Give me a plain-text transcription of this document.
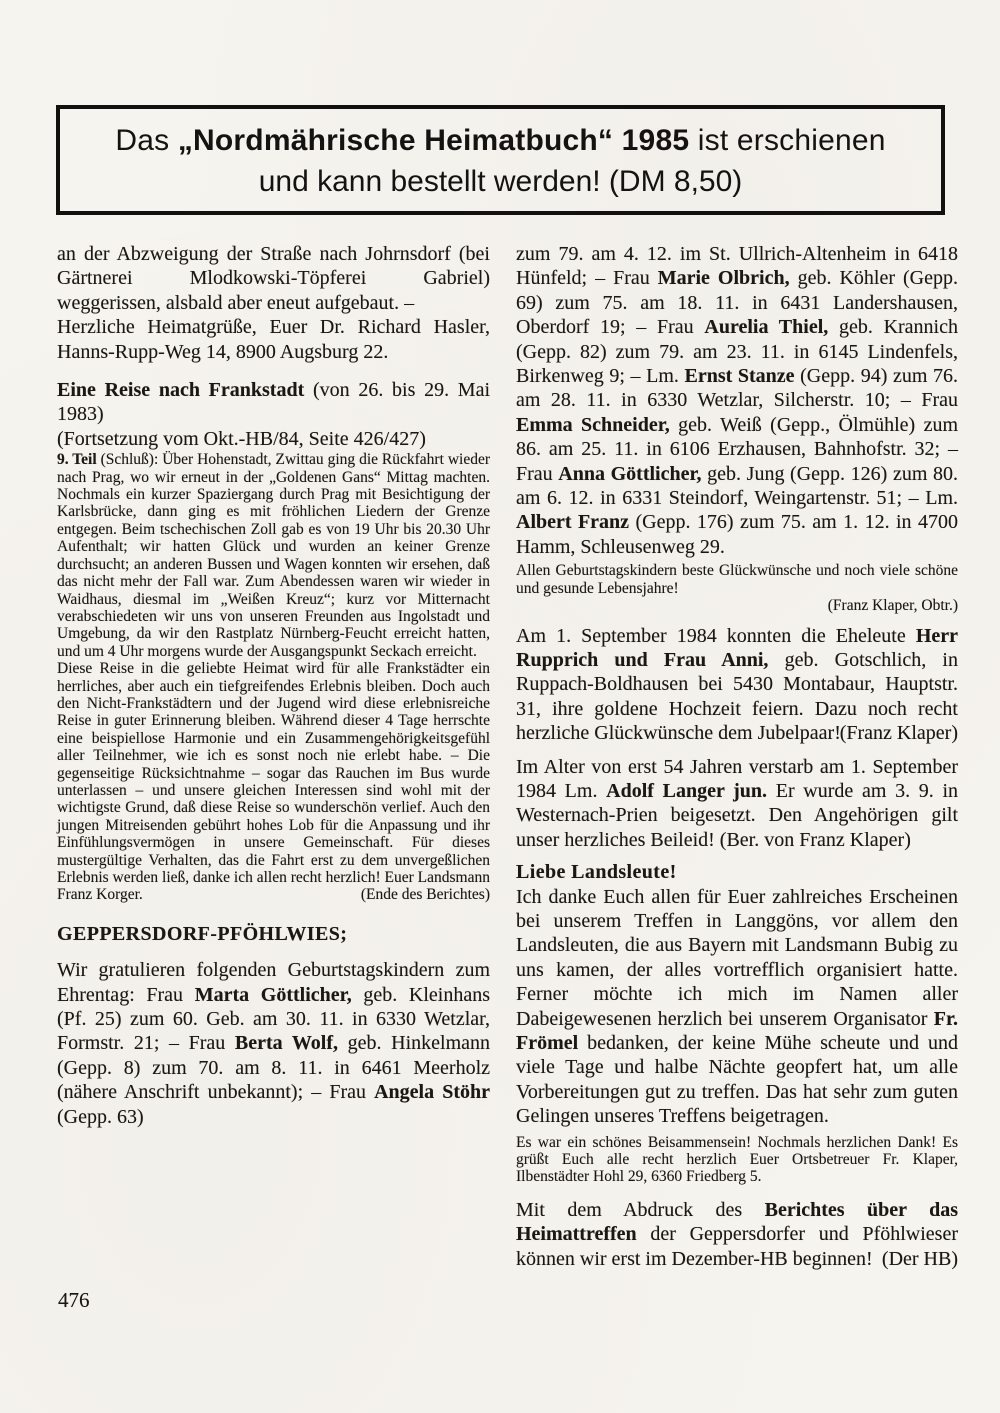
Das „Nordmährische Heimatbuch“ 1985 ist erschienen
und kann bestellt werden! (DM 8,50)
an der Abzweigung der Straße nach Johrnsdorf (bei Gärtnerei Mlodkowski-Töpferei Gabriel) weggerissen, alsbald aber eneut aufgebaut. –
Herzliche Heimatgrüße, Euer Dr. Richard Hasler, Hanns-Rupp-Weg 14, 8900 Augsburg 22.
Eine Reise nach Frankstadt (von 26. bis 29. Mai 1983)
(Fortsetzung vom Okt.-HB/84, Seite 426/427)
9. Teil (Schluß): Über Hohenstadt, Zwittau ging die Rückfahrt wieder nach Prag, wo wir erneut in der „Goldenen Gans“ Mittag machten. Nochmals ein kurzer Spaziergang durch Prag mit Besichtigung der Karlsbrücke, dann ging es mit fröhlichen Liedern der Grenze entgegen. Beim tschechischen Zoll gab es von 19 Uhr bis 20.30 Uhr Aufenthalt; wir hatten Glück und wurden an keiner Grenze durchsucht; an anderen Bussen und Wagen konnten wir ersehen, daß das nicht mehr der Fall war. Zum Abendessen waren wir wieder in Waidhaus, diesmal im „Weißen Kreuz“; kurz vor Mitternacht verabschiedeten wir uns von unseren Freunden aus Ingolstadt und Umgebung, da wir den Rastplatz Nürnberg-Feucht erreicht hatten, und um 4 Uhr morgens wurde der Ausgangspunkt Seckach erreicht.
Diese Reise in die geliebte Heimat wird für alle Frankstädter ein herrliches, aber auch ein tiefgreifendes Erlebnis bleiben. Doch auch den Nicht-Frankstädtern und der Jugend wird diese erlebnisreiche Reise in guter Erinnerung bleiben. Während dieser 4 Tage herrschte eine beispiellose Harmonie und ein Zusammengehörigkeitsgefühl aller Teilnehmer, wie ich es sonst noch nie erlebt habe. – Die gegenseitige Rücksichtnahme – sogar das Rauchen im Bus wurde unterlassen – und unsere gleichen Interessen sind wohl mit der wichtigste Grund, daß diese Reise so wunderschön verlief. Auch den jungen Mitreisenden gebührt hohes Lob für die Anpassung und ihr Einfühlungsvermögen in unsere Gemeinschaft. Für dieses mustergültige Verhalten, das die Fahrt erst zu dem unvergeßlichen Erlebnis werden ließ, danke ich allen recht herzlich! Euer Landsmann Franz Korger.	(Ende des Berichtes)
GEPPERSDORF-PFÖHLWIES;
Wir gratulieren folgenden Geburtstagskindern zum Ehrentag: Frau Marta Göttlicher, geb. Kleinhans (Pf. 25) zum 60. Geb. am 30. 11. in 6330 Wetzlar, Formstr. 21; – Frau Berta Wolf, geb. Hinkelmann (Gepp. 8) zum 70. am 8. 11. in 6461 Meerholz (nähere Anschrift unbekannt); – Frau Angela Stöhr (Gepp. 63)
zum 79. am 4. 12. im St. Ullrich-Altenheim in 6418 Hünfeld; – Frau Marie Olbrich, geb. Köhler (Gepp. 69) zum 75. am 18. 11. in 6431 Landershausen, Oberdorf 19; – Frau Aurelia Thiel, geb. Krannich (Gepp. 82) zum 79. am 23. 11. in 6145 Lindenfels, Birkenweg 9; – Lm. Ernst Stanze (Gepp. 94) zum 76. am 28. 11. in 6330 Wetzlar, Silcherstr. 10; – Frau Emma Schneider, geb. Weiß (Gepp., Ölmühle) zum 86. am 25. 11. in 6106 Erzhausen, Bahnhofstr. 32; – Frau Anna Göttlicher, geb. Jung (Gepp. 126) zum 80. am 6. 12. in 6331 Steindorf, Weingartenstr. 51; – Lm. Albert Franz (Gepp. 176) zum 75. am 1. 12. in 4700 Hamm, Schleusenweg 29.
Allen Geburtstagskindern beste Glückwünsche und noch viele schöne und gesunde Lebensjahre!
(Franz Klaper, Obtr.)
Am 1. September 1984 konnten die Eheleute Herr Rupprich und Frau Anni, geb. Gotschlich, in Ruppach-Boldhausen bei 5430 Montabaur, Hauptstr. 31, ihre goldene Hochzeit feiern. Dazu noch recht herzliche Glückwünsche dem Jubelpaar!
(Franz Klaper)
Im Alter von erst 54 Jahren verstarb am 1. September 1984 Lm. Adolf Langer jun. Er wurde am 3. 9. in Westernach-Prien beigesetzt. Den Angehörigen gilt unser herzliches Beileid! (Ber. von Franz Klaper)
Liebe Landsleute!
Ich danke Euch allen für Euer zahlreiches Erscheinen bei unserem Treffen in Langgöns, vor allem den Landsleuten, die aus Bayern mit Landsmann Bubig zu uns kamen, der alles vortrefflich organisiert hatte. Ferner möchte ich mich im Namen aller Dabeigewesenen herzlich bei unserem Organisator Fr. Frömel bedanken, der keine Mühe scheute und und viele Tage und halbe Nächte geopfert hat, um alle Vorbereitungen gut zu treffen. Das hat sehr zum guten Gelingen unseres Treffens beigetragen.
Es war ein schönes Beisammensein! Nochmals herzlichen Dank! Es grüßt Euch alle recht herzlich Euer Ortsbetreuer Fr. Klaper, Ilbenstädter Hohl 29, 6360 Friedberg 5.
Mit dem Abdruck des Berichtes über das Heimattreffen der Geppersdorfer und Pföhlwieser können wir erst im Dezember-HB beginnen! (Der HB)
476
